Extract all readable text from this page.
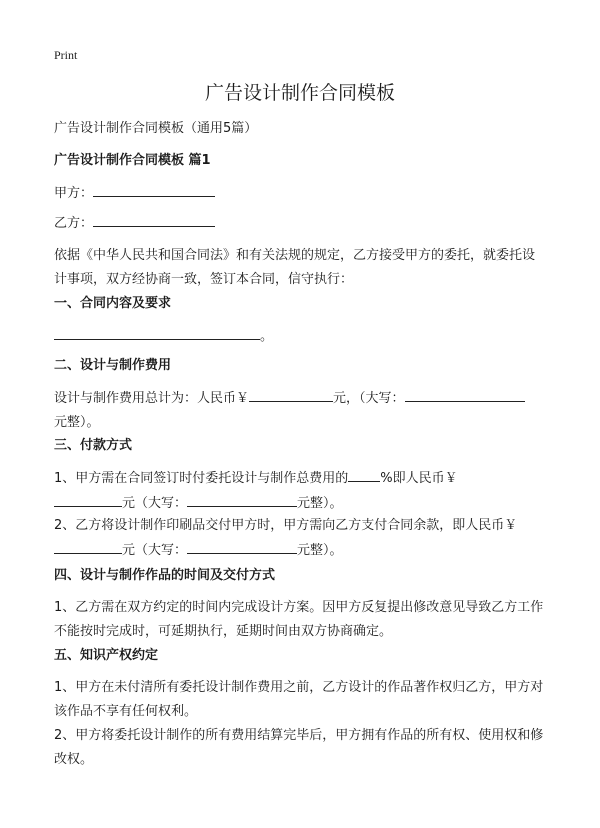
Print
广告设计制作合同模板
广告设计制作合同模板（通用5篇）
广告设计制作合同模板 篇1
甲方：
乙方：
依据《中华人民共和国合同法》和有关法规的规定，乙方接受甲方的委托，就委托设计事项，双方经协商一致，签订本合同，信守执行：
一、合同内容及要求
。
二、设计与制作费用
设计与制作费用总计为：人民币￥	元，（大写：
元整）。
三、付款方式
1、甲方需在合同签订时付委托设计与制作总费用的 %即人民币￥
元（大写：	元整）。
2、乙方将设计制作印刷品交付甲方时，甲方需向乙方支付合同余款，即人民币￥
元（大写：	元整）。
四、设计与制作作品的时间及交付方式
1、乙方需在双方约定的时间内完成设计方案。因甲方反复提出修改意见导致乙方工作不能按时完成时，可延期执行，延期时间由双方协商确定。
五、知识产权约定
1、甲方在未付清所有委托设计制作费用之前，乙方设计的作品著作权归乙方，甲方对该作品不享有任何权利。
2、甲方将委托设计制作的所有费用结算完毕后，甲方拥有作品的所有权、使用权和修改权。
